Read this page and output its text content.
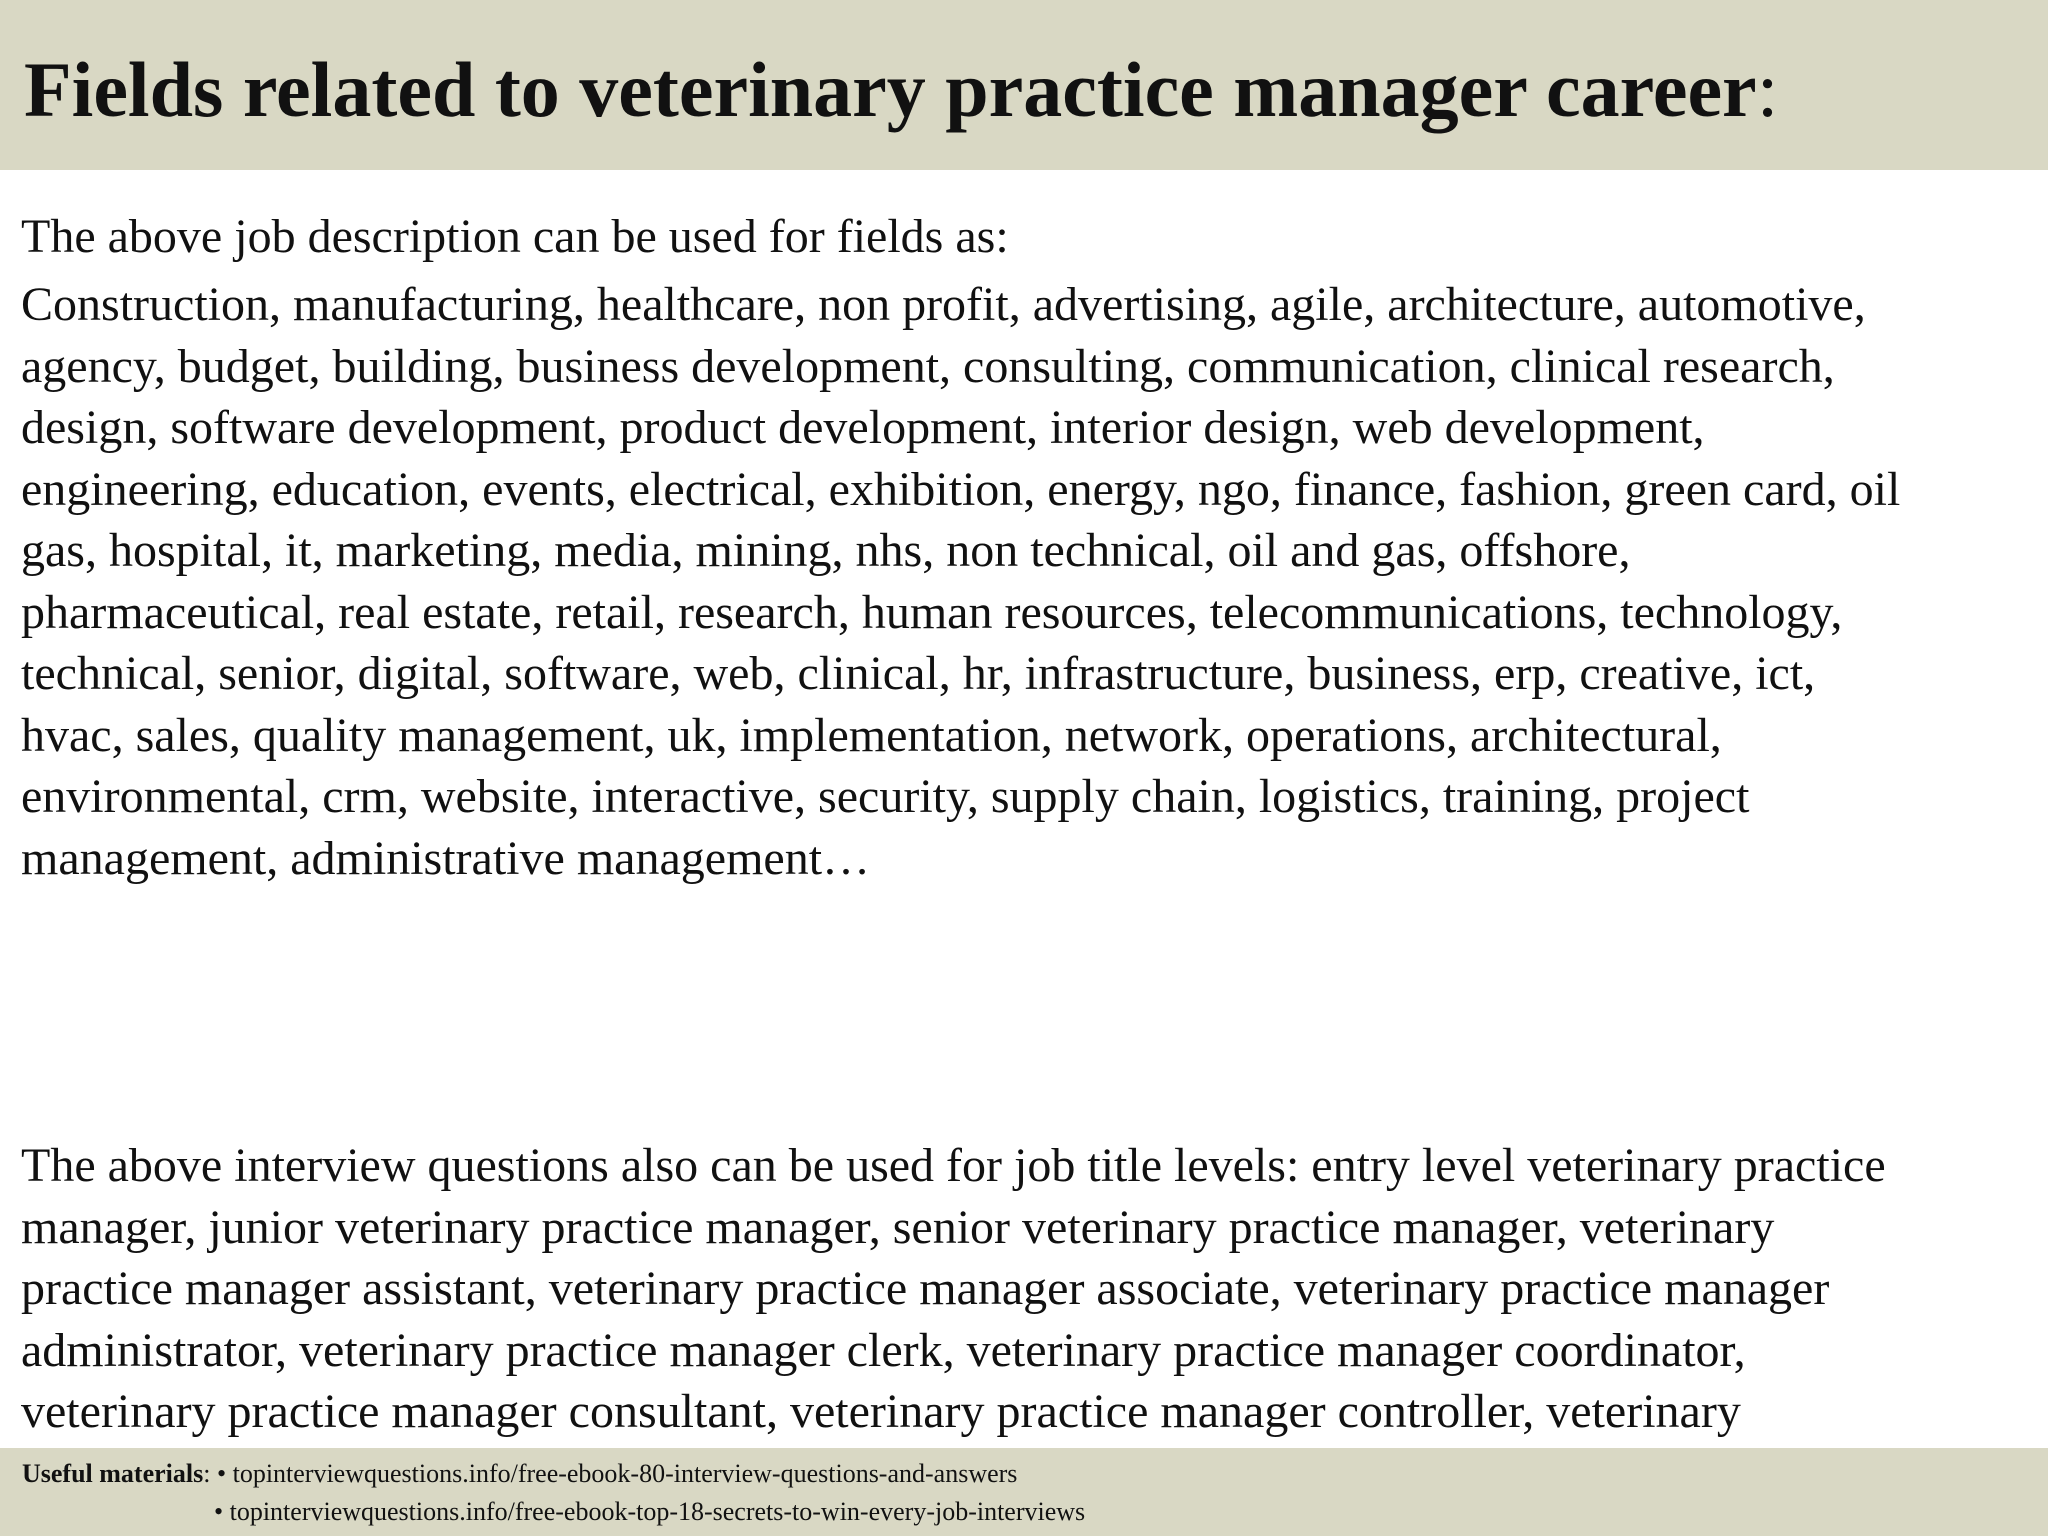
Fields related to veterinary practice manager career:

The above job description can be used for fields as:

Construction, manufacturing, healthcare, non profit, advertising, agile, architecture, automotive,
agency, budget, building, business development, consulting, communication, clinical research,
design, software development, product development, interior design, web development,
engineering, education, events, electrical, exhibition, energy, ngo, finance, fashion, green card, oil
gas, hospital, it, marketing, media, mining, nhs, non technical, oil and gas, offshore,
pharmaceutical, real estate, retail, research, human resources, telecommunications, technology,
technical, senior, digital, software, web, clinical, hr, infrastructure, business, erp, creative, ict,
hvac, sales, quality management, uk, implementation, network, operations, architectural,
environmental, crm, website, interactive, security, supply chain, logistics, training, project
management, administrative management…

The above interview questions also can be used for job title levels: entry level veterinary practice
manager, junior veterinary practice manager, senior veterinary practice manager, veterinary
practice manager assistant, veterinary practice manager associate, veterinary practice manager
administrator, veterinary practice manager clerk, veterinary practice manager coordinator,
veterinary practice manager consultant, veterinary practice manager controller, veterinary

Useful materials: • topinterviewquestions.info/free-ebook-80-interview-questions-and-answers
• topinterviewquestions.info/free-ebook-top-18-secrets-to-win-every-job-interviews
